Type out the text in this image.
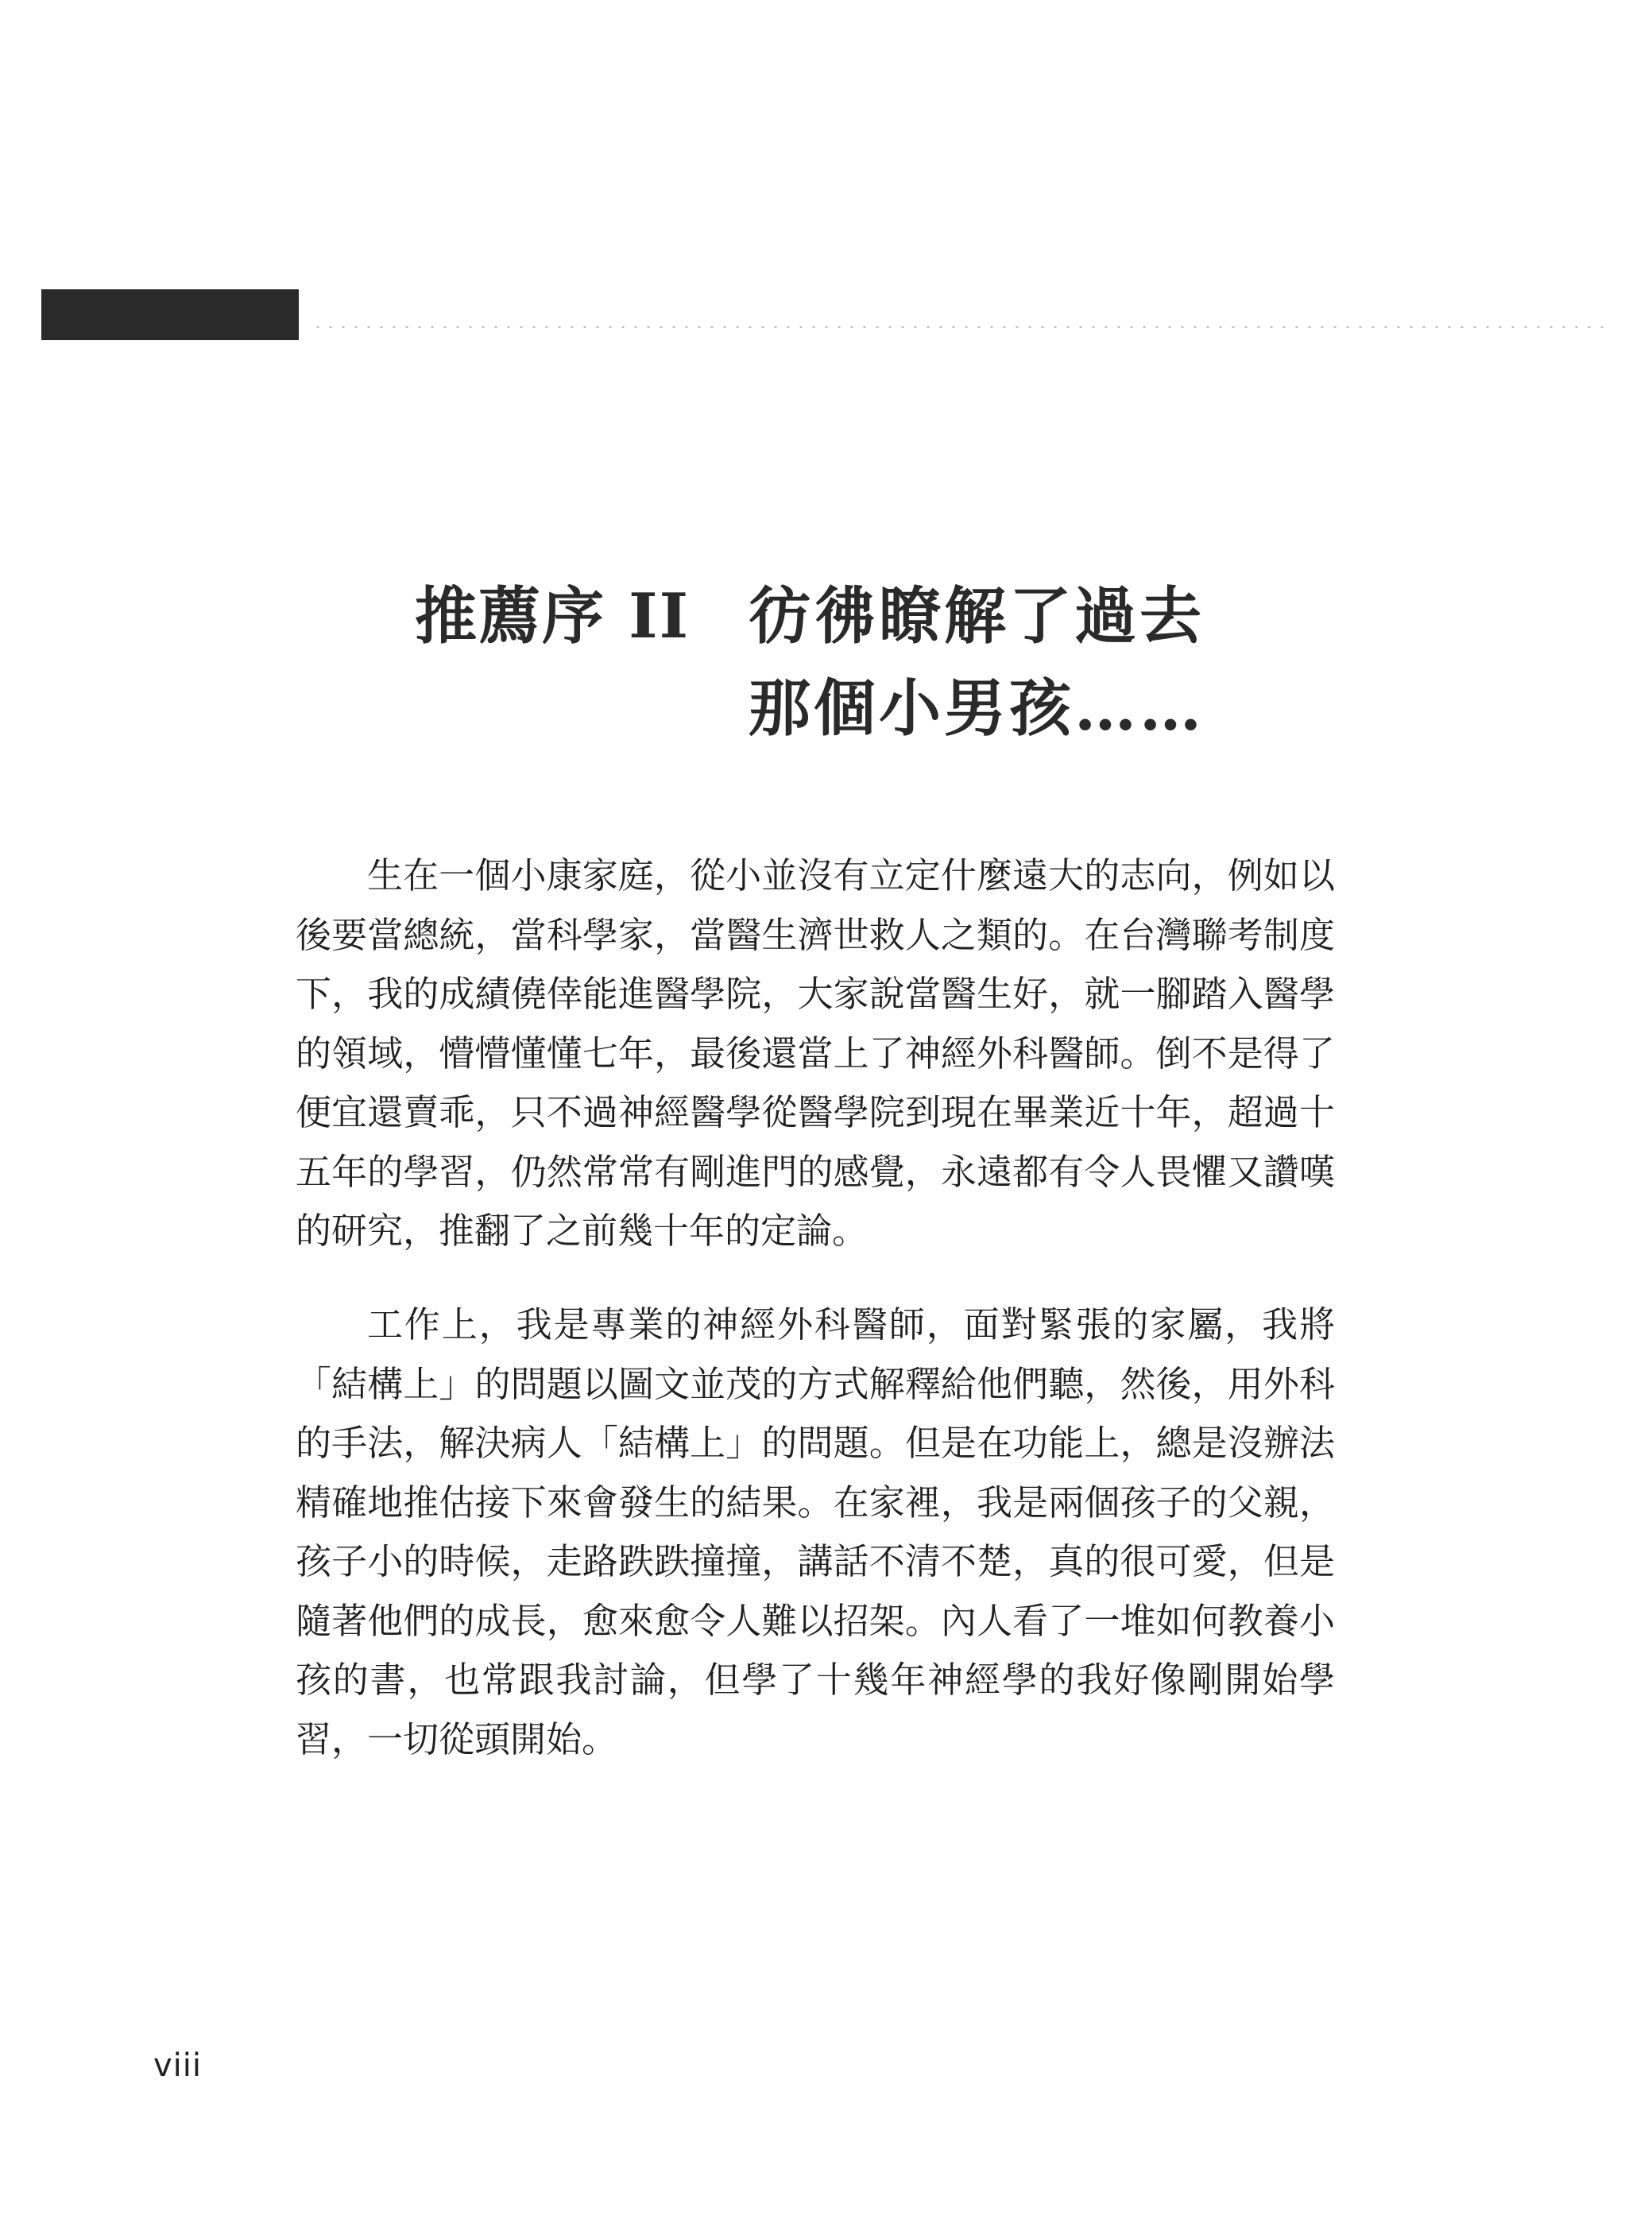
推薦序 II 彷彿瞭解了過去
那個小男孩……

生在一個小康家庭，從小並沒有立定什麼遠大的志向，例如以後要當總統，當科學家，當醫生濟世救人之類的。在台灣聯考制度下，我的成績僥倖能進醫學院，大家說當醫生好，就一腳踏入醫學的領域，懵懵懂懂七年，最後還當上了神經外科醫師。倒不是得了便宜還賣乖，只不過神經醫學從醫學院到現在畢業近十年，超過十五年的學習，仍然常常有剛進門的感覺，永遠都有令人畏懼又讚嘆的研究，推翻了之前幾十年的定論。

工作上，我是專業的神經外科醫師，面對緊張的家屬，我將「結構上」的問題以圖文並茂的方式解釋給他們聽，然後，用外科的手法，解決病人「結構上」的問題。但是在功能上，總是沒辦法精確地推估接下來會發生的結果。在家裡，我是兩個孩子的父親，孩子小的時候，走路跌跌撞撞，講話不清不楚，真的很可愛，但是隨著他們的成長，愈來愈令人難以招架。內人看了一堆如何教養小孩的書，也常跟我討論，但學了十幾年神經學的我好像剛開始學習，一切從頭開始。

viii
